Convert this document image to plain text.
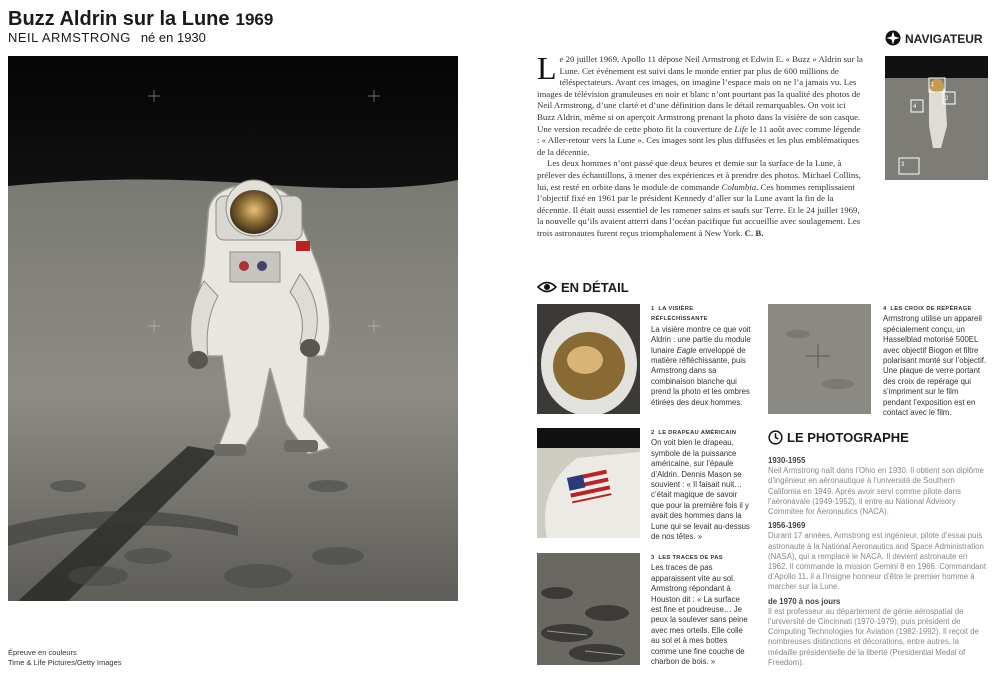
Buzz Aldrin sur la Lune 1969
NEIL ARMSTRONG né en 1930
Épreuve en couleurs
Time & Life Pictures/Getty Images

Le 20 juillet 1969, Apollo 11 dépose Neil Armstrong et Edwin E. « Buzz » Aldrin sur la Lune. Cet événement est suivi dans le monde entier par plus de 600 millions de téléspectateurs. Avant ces images, on imagine l’espace mais on ne l’a jamais vu. Les images de télévision granuleuses en noir et blanc n’ont pourtant pas la qualité des photos de Neil Armstrong, d’une clarté et d’une définition dans le détail remarquables. On voit ici Buzz Aldrin, même si on aperçoit Armstrong prenant la photo dans la visière de son casque. Une version recadrée de cette photo fit la couverture de Life le 11 août avec comme légende : « Aller-retour vers la Lune ». Ces images sont les plus diffusées et les plus emblématiques de la décennie.

Les deux hommes n’ont passé que deux heures et demie sur la surface de la Lune, à prélever des échantillons, à mener des expériences et à prendre des photos. Michael Collins, lui, est resté en orbite dans le module de commande Columbia. Ces hommes remplissaient l’objectif fixé en 1961 par le président Kennedy d’aller sur la Lune avant la fin de la décennie. Il était aussi essentiel de les ramener sains et saufs sur Terre. Et le 24 juillet 1969, la nouvelle qu’ils avaient atterri dans l’océan pacifique fut accueillie avec soulagement. Les trois astronautes furent reçus triomphalement à New York. C. B.

NAVIGATEUR
1
2
4
3
EN DÉTAIL
1 LA VISIÈRE RÉFLÉCHISSANTE
La visière montre ce que voit Aldrin : une partie du module lunaire Eagle enveloppé de matière réfléchissante, puis Armstrong dans sa combinaison blanche qui prend la photo et les ombres étirées des deux hommes.
2 LE DRAPEAU AMÉRICAIN
On voit bien le drapeau, symbole de la puissance américaine, sur l’épaule d’Aldrin. Dennis Mason se souvient : « Il faisait nuit… c’était magique de savoir que pour la première fois il y avait des hommes dans la Lune qui se levait au-dessus de nos têtes. »
3 LES TRACES DE PAS
Les traces de pas apparaissent vite au sol. Armstrong répondant à Houston dit : « La surface est fine et poudreuse… Je peux la soulever sans peine avec mes orteils. Elle colle au sol et à mes bottes comme une fine couche de charbon de bois. »
4 LES CROIX DE REPÉRAGE
Armstrong utilise un appareil spécialement conçu, un Hasselblad motorisé 500EL avec objectif Biogon et filtre polarisant monté sur l’objectif. Une plaque de verre portant des croix de repérage qui s’impriment sur le film pendant l’exposition est en contact avec le film.
LE PHOTOGRAPHE
1930-1955
Neil Armstrong naît dans l’Ohio en 1930. Il obtient son diplôme d’ingénieur en aéronautique à l’université de Southern California en 1949. Après avoir servi comme pilote dans l’aéronavale (1949-1952), il entre au National Advisory Commitee for Aeronautics (NACA).
1956-1969
Durant 17 années, Armstrong est ingénieur, pilote d’essai puis astronaute à la National Aeronautics and Space Administration (NASA), qui a remplacé le NACA. Il devient astronaute en 1962. Il commande la mission Gemini 8 en 1966. Commandant d’Apollo 11, il a l’insigne honneur d’être le premier homme à marcher sur la Lune.
de 1970 à nos jours
Il est professeur au département de génie aérospatial de l’université de Cincinnati (1970-1979), puis président de Computing Technologies for Aviation (1982-1992). Il reçoit de nombreuses distinctions et décorations, entre autres, la médaille présidentielle de la liberté (Presidential Medal of Freedom).
